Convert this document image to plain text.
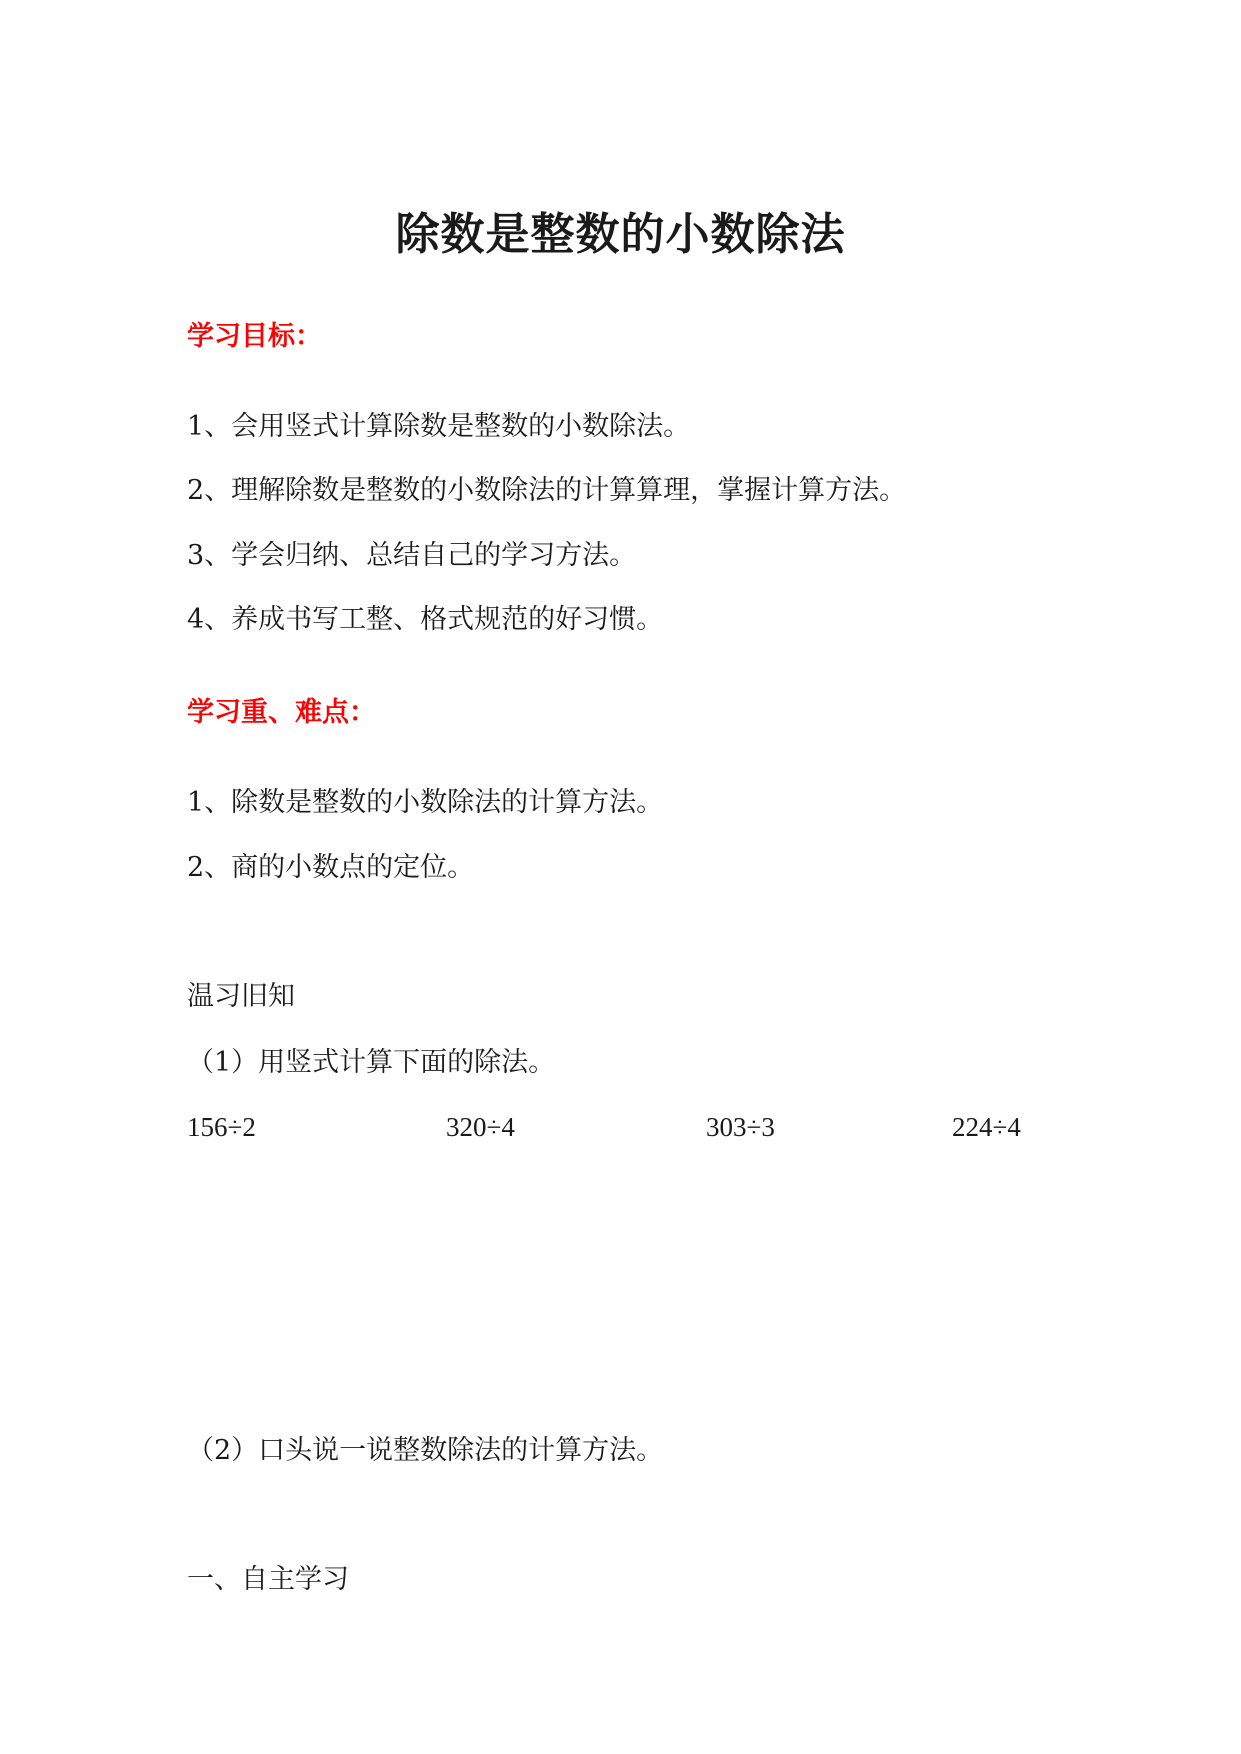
除数是整数的小数除法
学习目标：
1、会用竖式计算除数是整数的小数除法。
2、理解除数是整数的小数除法的计算算理，掌握计算方法。
3、学会归纳、总结自己的学习方法。
4、养成书写工整、格式规范的好习惯。
学习重、难点：
1、除数是整数的小数除法的计算方法。
2、商的小数点的定位。
温习旧知
（1）用竖式计算下面的除法。
156÷2	320÷4	303÷3	224÷4
（2）口头说一说整数除法的计算方法。
一、自主学习
